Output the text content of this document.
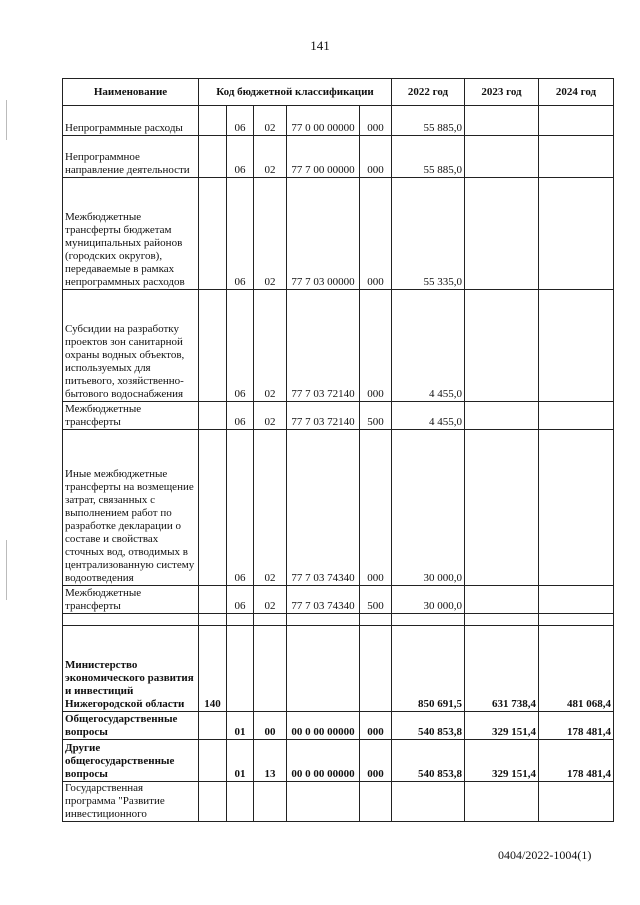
141
Наименование	Код бюджетной классификации					2022 год	2023 год	2024 год
Непрограммные расходы		06	02	77 0 00 00000	000	55 885,0		
Непрограммное направление деятельности		06	02	77 7 00 00000	000	55 885,0		
Межбюджетные трансферты бюджетам муниципальных районов (городских округов), передаваемые в рамках непрограммных расходов		06	02	77 7 03 00000	000	55 335,0		
Субсидии на разработку проектов зон санитарной охраны водных объектов, используемых для питьевого, хозяйственно-бытового водоснабжения		06	02	77 7 03 72140	000	4 455,0		
Межбюджетные трансферты		06	02	77 7 03 72140	500	4 455,0		
Иные межбюджетные трансферты на возмещение затрат, связанных с выполнением работ по разработке декларации о составе и свойствах сточных вод, отводимых в централизованную систему водоотведения		06	02	77 7 03 74340	000	30 000,0		
Межбюджетные трансферты		06	02	77 7 03 74340	500	30 000,0		

Министерство экономического развития и инвестиций Нижегородской области	140					850 691,5	631 738,4	481 068,4
Общегосударственные вопросы		01	00	00 0 00 00000	000	540 853,8	329 151,4	178 481,4
Другие общегосударственные вопросы		01	13	00 0 00 00000	000	540 853,8	329 151,4	178 481,4
Государственная программа "Развитие инвестиционного								
0404/2022-1004(1)
